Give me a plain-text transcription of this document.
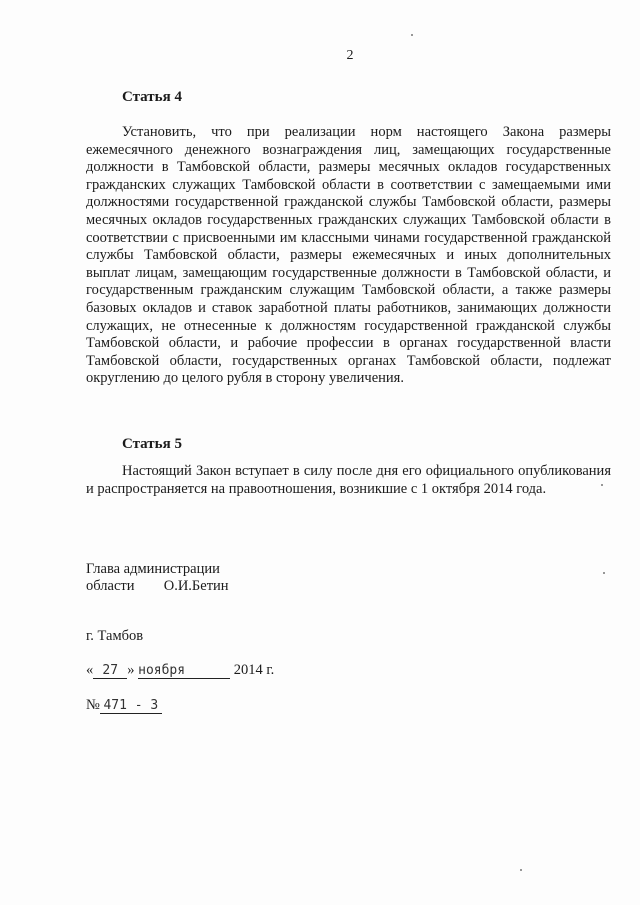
2
Статья 4

Установить, что при реализации норм настоящего Закона размеры ежемесячного денежного вознаграждения лиц, замещающих государственные должности в Тамбовской области, размеры месячных окладов государственных гражданских служащих Тамбовской области в соответствии с замещаемыми ими должностями государственной гражданской службы Тамбовской области, размеры месячных окладов государственных гражданских служащих Тамбовской области в соответствии с присвоенными им классными чинами государственной гражданской службы Тамбовской области, размеры ежемесячных и иных дополнительных выплат лицам, замещающим государственные должности в Тамбовской области, и государственным гражданским служащим Тамбовской области, а также размеры базовых окладов и ставок заработной платы работников, занимающих должности служащих, не отнесенные к должностям государственной гражданской службы Тамбовской области, и рабочие профессии в органах государственной власти Тамбовской области, государственных органах Тамбовской области, подлежат округлению до целого рубля в сторону увеличения.

Статья 5

Настоящий Закон вступает в силу после дня его официального опубликования и распространяется на правоотношения, возникшие с 1 октября 2014 года.

Глава администрации
области О.И.Бетин
г. Тамбов
« 27 » ноября	2014 г.
№ 471 - 3
